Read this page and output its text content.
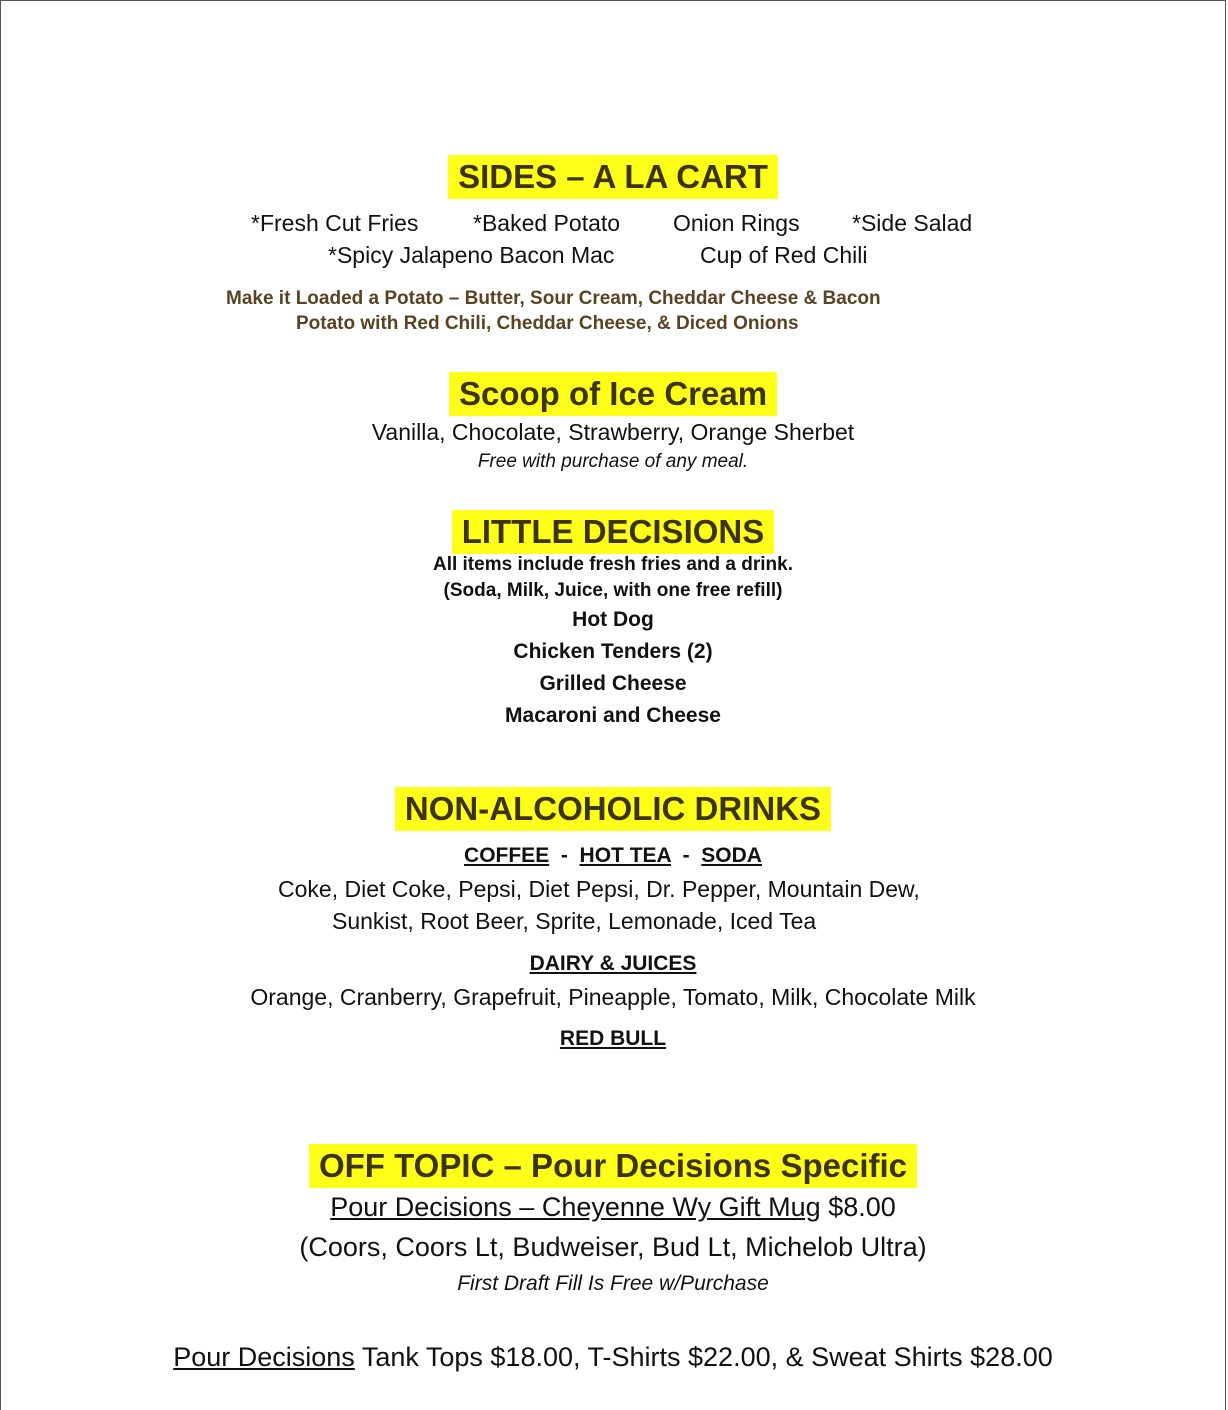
SIDES – A LA CART
*Fresh Cut Fries *Baked Potato Onion Rings *Side Salad
*Spicy Jalapeno Bacon Mac	Cup of Red Chili
Make it Loaded a Potato – Butter, Sour Cream, Cheddar Cheese & Bacon
Potato with Red Chili, Cheddar Cheese, & Diced Onions
Scoop of Ice Cream
Vanilla, Chocolate, Strawberry, Orange Sherbet
Free with purchase of any meal.
LITTLE DECISIONS
All items include fresh fries and a drink.
(Soda, Milk, Juice, with one free refill)
Hot Dog
Chicken Tenders (2)
Grilled Cheese
Macaroni and Cheese
NON-ALCOHOLIC DRINKS
COFFEE - HOT TEA - SODA
Coke, Diet Coke, Pepsi, Diet Pepsi, Dr. Pepper, Mountain Dew,
Sunkist, Root Beer, Sprite, Lemonade, Iced Tea
DAIRY & JUICES
Orange, Cranberry, Grapefruit, Pineapple, Tomato, Milk, Chocolate Milk
RED BULL
OFF TOPIC – Pour Decisions Specific
Pour Decisions – Cheyenne Wy Gift Mug $8.00
(Coors, Coors Lt, Budweiser, Bud Lt, Michelob Ultra)
First Draft Fill Is Free w/Purchase
Pour Decisions Tank Tops $18.00, T-Shirts $22.00, & Sweat Shirts $28.00
